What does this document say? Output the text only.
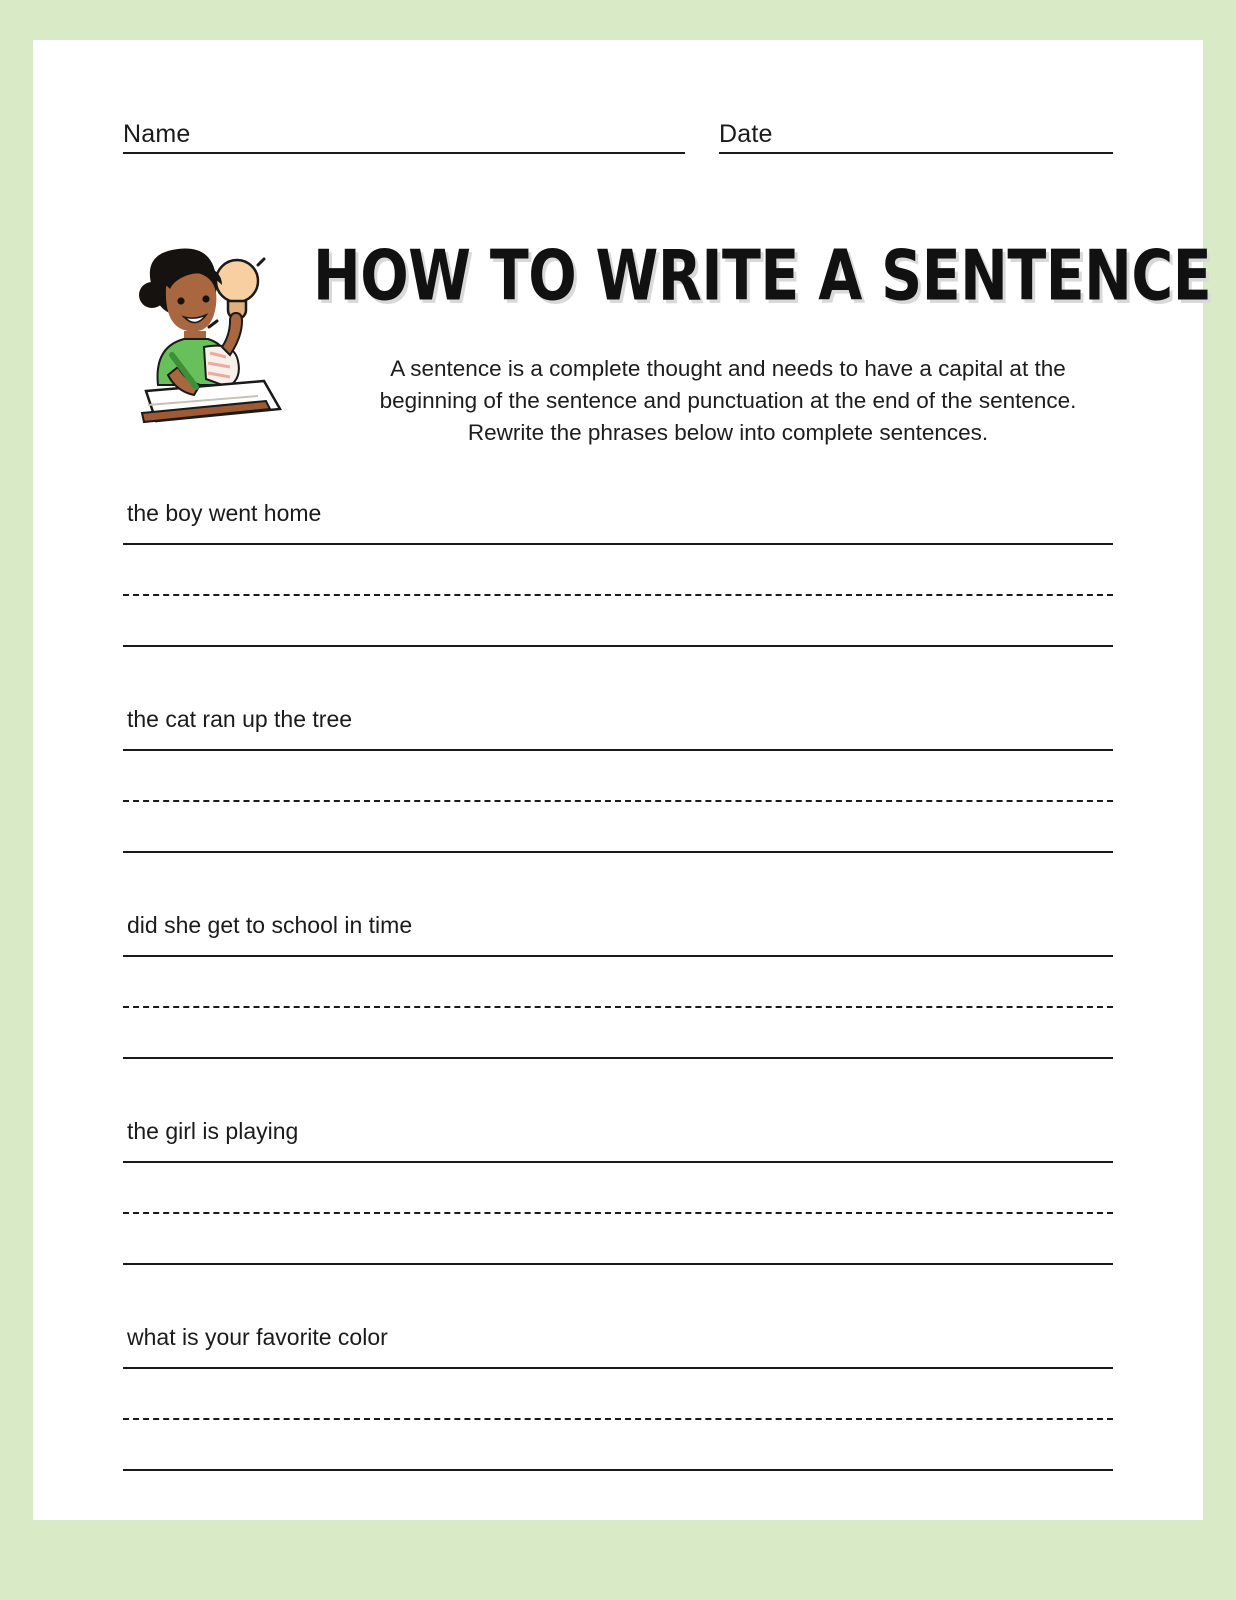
Name	Date
HOW TO WRITE A SENTENCE

A sentence is a complete thought and needs to have a capital at the beginning of the sentence and punctuation at the end of the sentence. Rewrite the phrases below into complete sentences.

the boy went home

the cat ran up the tree

did she get to school in time

the girl is playing

what is your favorite color
